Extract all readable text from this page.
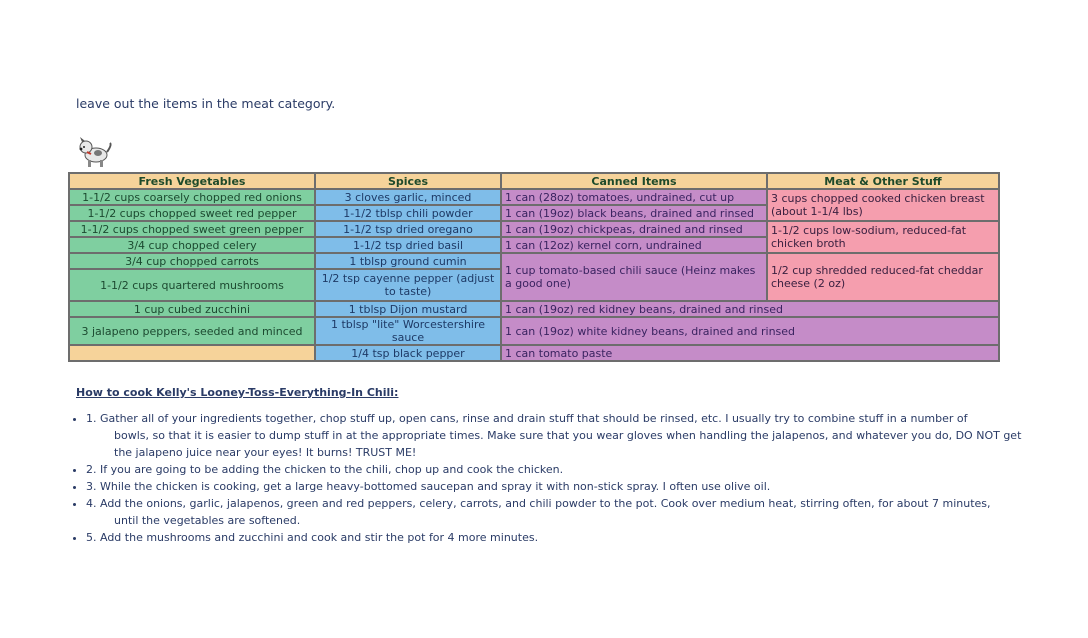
leave out the items in the meat category.
Fresh Vegetables	Spices	Canned Items	Meat & Other Stuff
1-1/2 cups coarsely chopped red onions	3 cloves garlic, minced	1 can (28oz) tomatoes, undrained, cut up	3 cups chopped cooked chicken breast (about 1-1/4 lbs)
1-1/2 cups chopped sweet red pepper	1-1/2 tblsp chili powder	1 can (19oz) black beans, drained and rinsed	
1-1/2 cups chopped sweet green pepper	1-1/2 tsp dried oregano	1 can (19oz) chickpeas, drained and rinsed	1-1/2 cups low-sodium, reduced-fat chicken broth
3/4 cup chopped celery	1-1/2 tsp dried basil	1 can (12oz) kernel corn, undrained	
3/4 cup chopped carrots	1 tblsp ground cumin	1 cup tomato-based chili sauce (Heinz makes a good one)	1/2 cup shredded reduced-fat cheddar cheese (2 oz)
1-1/2 cups quartered mushrooms	1/2 tsp cayenne pepper (adjust to taste)		
1 cup cubed zucchini	1 tblsp Dijon mustard	1 can (19oz) red kidney beans, drained and rinsed	
3 jalapeno peppers, seeded and minced	1 tblsp "lite" Worcestershire sauce	1 can (19oz) white kidney beans, drained and rinsed	
	1/4 tsp black pepper	1 can tomato paste	
How to cook Kelly's Looney-Toss-Everything-In Chili:
• 1. Gather all of your ingredients together, chop stuff up, open cans, rinse and drain stuff that should be rinsed, etc. I usually try to combine stuff in a number of
bowls, so that it is easier to dump stuff in at the appropriate times. Make sure that you wear gloves when handling the jalapenos, and whatever you do, DO NOT get the jalapeno juice near your eyes! It burns! TRUST ME!
• 2. If you are going to be adding the chicken to the chili, chop up and cook the chicken.
• 3. While the chicken is cooking, get a large heavy-bottomed saucepan and spray it with non-stick spray. I often use olive oil.
• 4. Add the onions, garlic, jalapenos, green and red peppers, celery, carrots, and chili powder to the pot. Cook over medium heat, stirring often, for about 7 minutes,
until the vegetables are softened.
• 5. Add the mushrooms and zucchini and cook and stir the pot for 4 more minutes.
